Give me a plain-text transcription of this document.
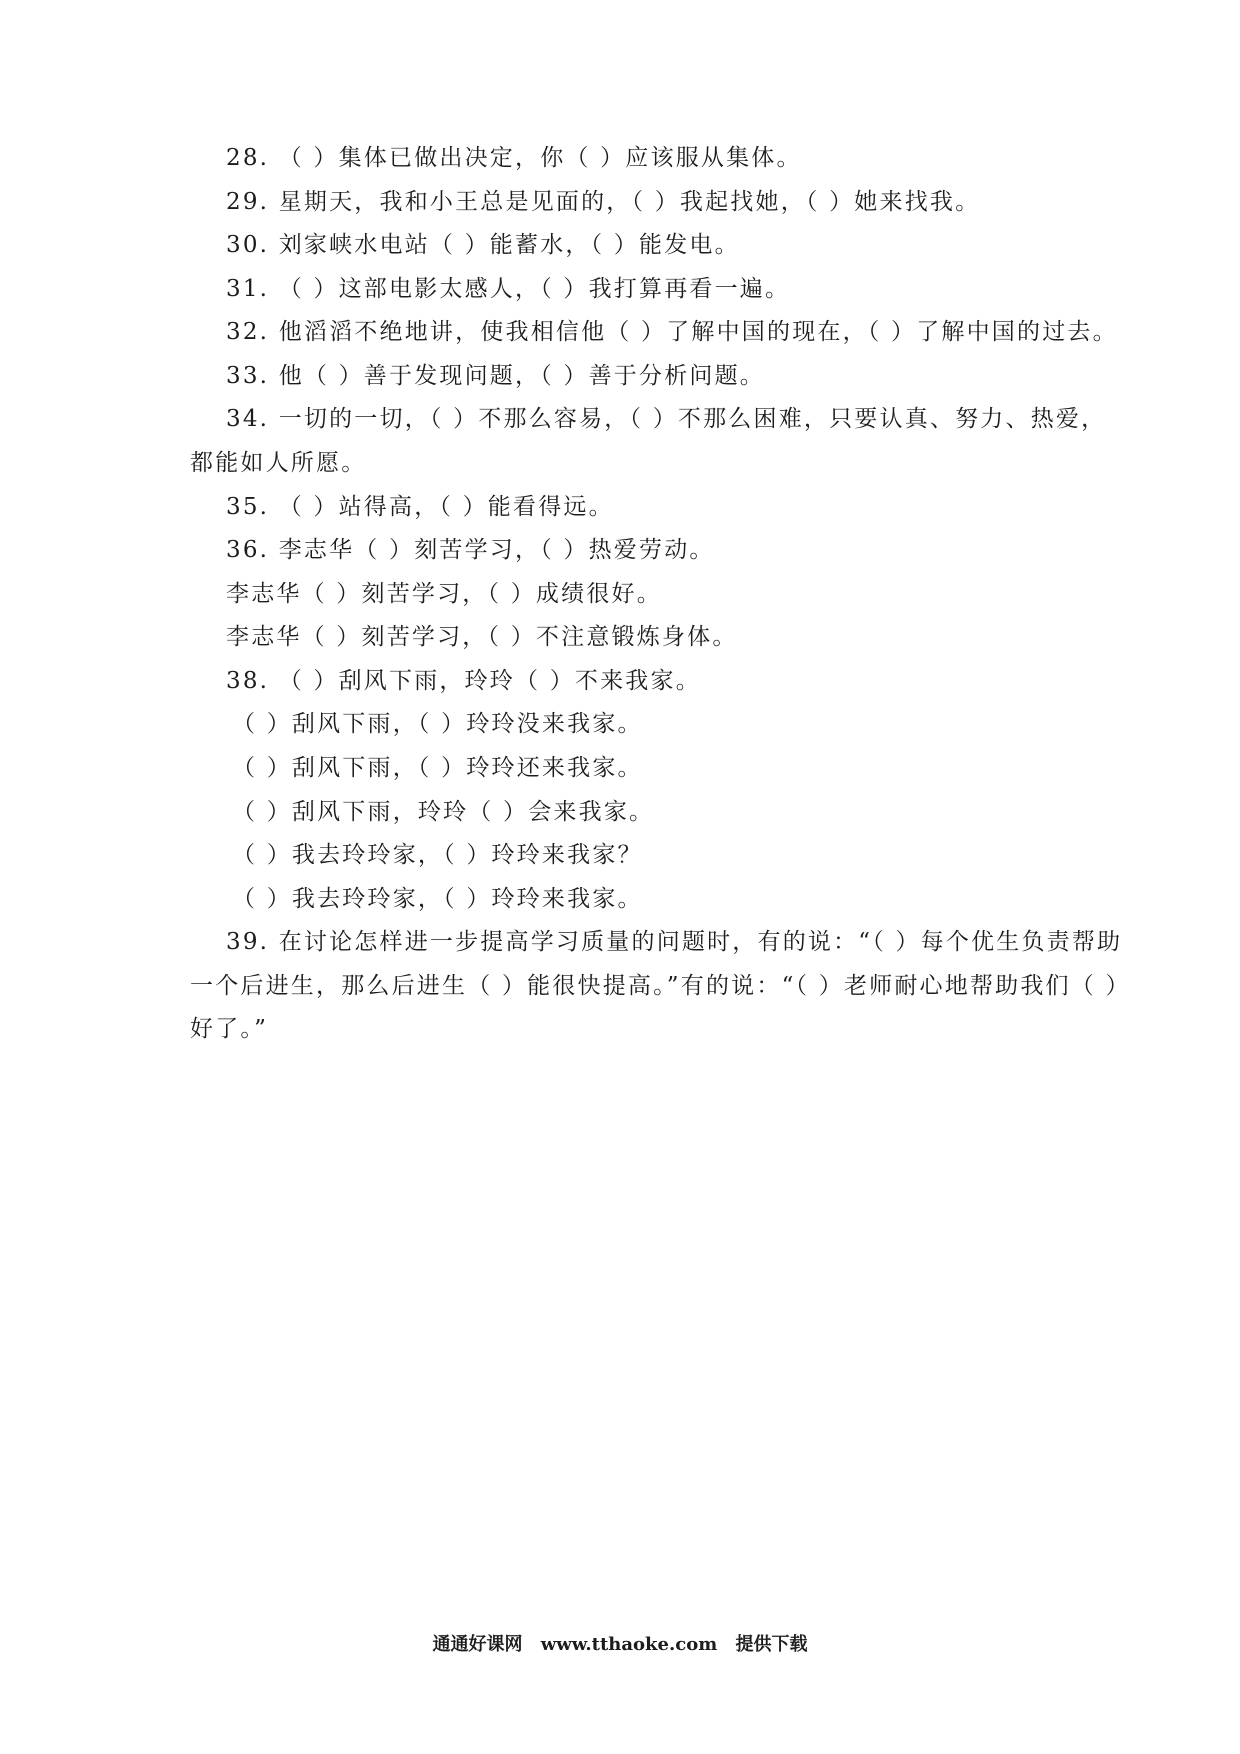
28. （ ）集体已做出决定，你（ ）应该服从集体。
29. 星期天，我和小王总是见面的，（ ）我起找她，（ ）她来找我。
30. 刘家峡水电站（ ）能蓄水，（ ）能发电。
31. （ ）这部电影太感人，（ ）我打算再看一遍。
32. 他滔滔不绝地讲，使我相信他（ ）了解中国的现在，（ ）了解中国的过去。
33. 他（ ）善于发现问题，（ ）善于分析问题。
34. 一切的一切，（ ）不那么容易，（ ）不那么困难，只要认真、努力、热爱，
都能如人所愿。
35. （ ）站得高，（ ）能看得远。
36. 李志华（ ）刻苦学习，（ ）热爱劳动。
李志华（ ）刻苦学习，（ ）成绩很好。
李志华（ ）刻苦学习，（ ）不注意锻炼身体。
38. （ ）刮风下雨，玲玲（ ）不来我家。
（ ）刮风下雨，（ ）玲玲没来我家。
（ ）刮风下雨，（ ）玲玲还来我家。
（ ）刮风下雨，玲玲（ ）会来我家。
（ ）我去玲玲家，（ ）玲玲来我家？
（ ）我去玲玲家，（ ）玲玲来我家。
39. 在讨论怎样进一步提高学习质量的问题时，有的说：“（ ）每个优生负责帮助
一个后进生，那么后进生（ ）能很快提高。”有的说：“（ ）老师耐心地帮助我们（ ）
好了。”
通通好课网 www.tthaoke.com 提供下载
